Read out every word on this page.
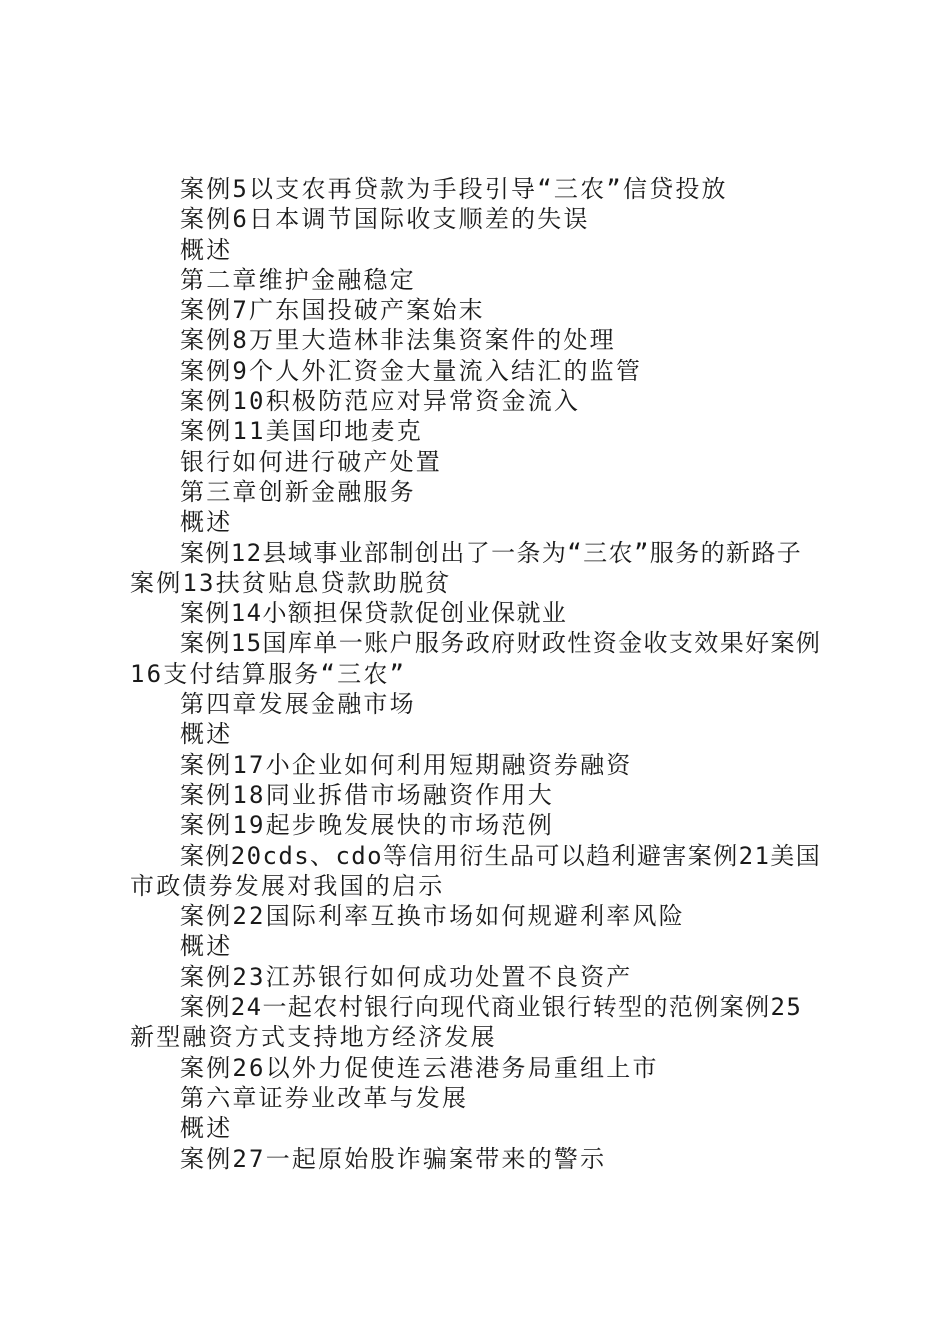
案例5以支农再贷款为手段引导“三农”信贷投放
案例6日本调节国际收支顺差的失误
概述
第二章维护金融稳定
案例7广东国投破产案始末
案例8万里大造林非法集资案件的处理
案例9个人外汇资金大量流入结汇的监管
案例10积极防范应对异常资金流入
案例11美国印地麦克
银行如何进行破产处置
第三章创新金融服务
概述
案例12县域事业部制创出了一条为“三农”服务的新路子
案例13扶贫贴息贷款助脱贫
案例14小额担保贷款促创业保就业
案例15国库单一账户服务政府财政性资金收支效果好案例
16支付结算服务“三农”
第四章发展金融市场
概述
案例17小企业如何利用短期融资券融资
案例18同业拆借市场融资作用大
案例19起步晚发展快的市场范例
案例20cds、cdo等信用衍生品可以趋利避害案例21美国
市政债券发展对我国的启示
案例22国际利率互换市场如何规避利率风险
概述
案例23江苏银行如何成功处置不良资产
案例24一起农村银行向现代商业银行转型的范例案例25
新型融资方式支持地方经济发展
案例26以外力促使连云港港务局重组上市
第六章证券业改革与发展
概述
案例27一起原始股诈骗案带来的警示
